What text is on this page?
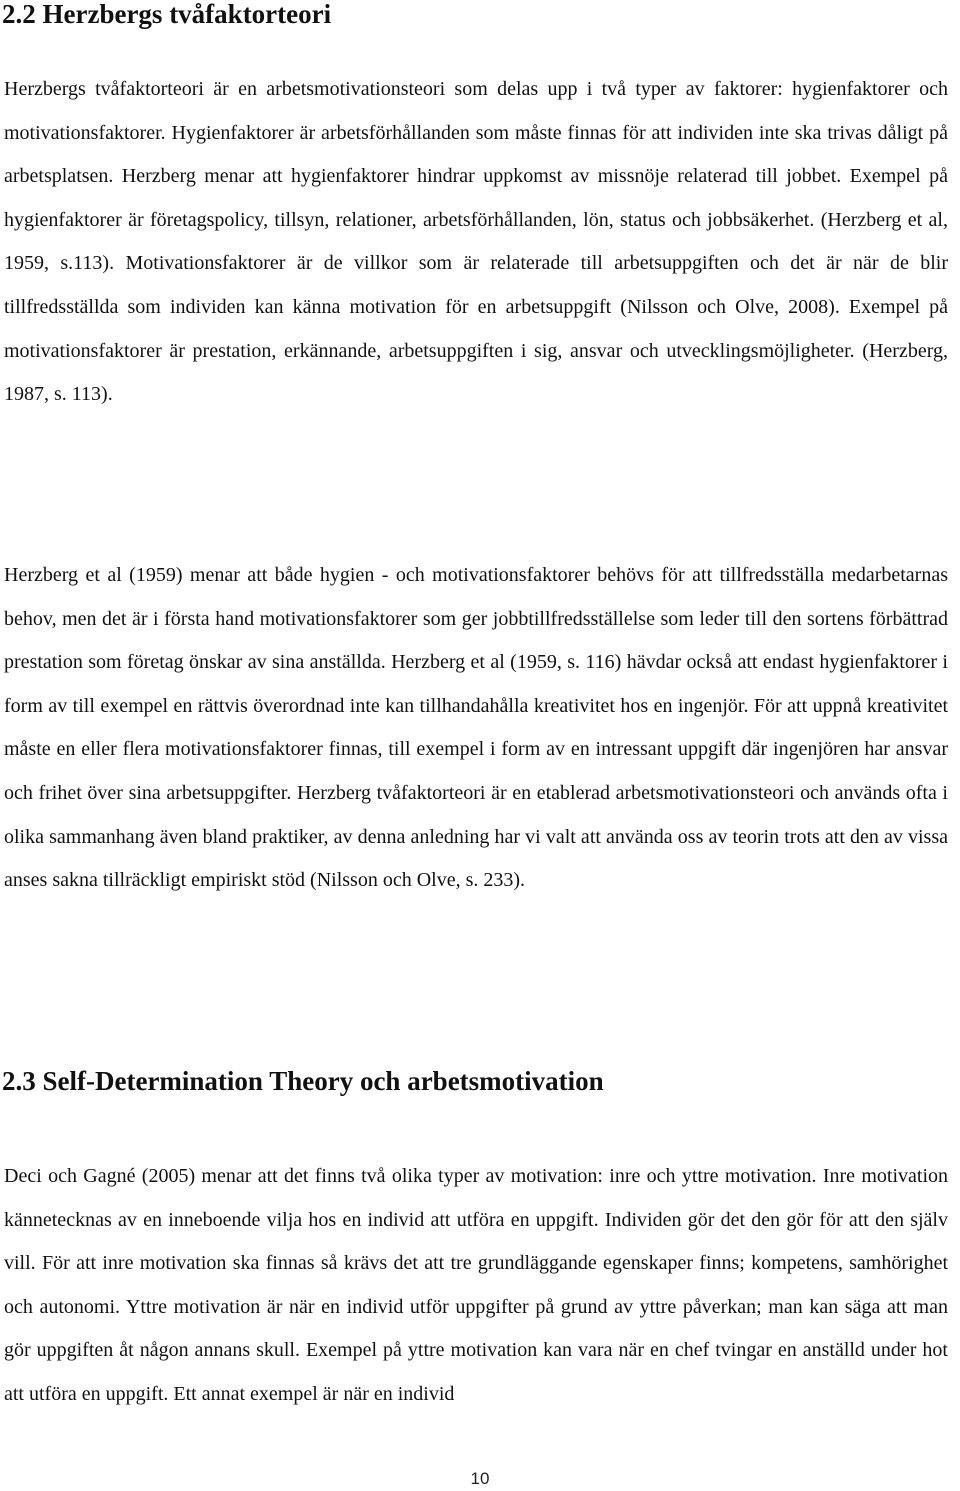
2.2 Herzbergs tvåfaktorteori

Herzbergs tvåfaktorteori är en arbetsmotivationsteori som delas upp i två typer av faktorer: hygienfaktorer och motivationsfaktorer. Hygienfaktorer är arbetsförhållanden som måste finnas för att individen inte ska trivas dåligt på arbetsplatsen. Herzberg menar att hygienfaktorer hindrar uppkomst av missnöje relaterad till jobbet. Exempel på hygienfaktorer är företagspolicy, tillsyn, relationer, arbetsförhållanden, lön, status och jobbsäkerhet. (Herzberg et al, 1959, s.113). Motivationsfaktorer är de villkor som är relaterade till arbetsuppgiften och det är när de blir tillfredsställda som individen kan känna motivation för en arbetsuppgift (Nilsson och Olve, 2008). Exempel på motivationsfaktorer är prestation, erkännande, arbetsuppgiften i sig, ansvar och utvecklingsmöjligheter. (Herzberg, 1987, s. 113).

Herzberg et al (1959) menar att både hygien - och motivationsfaktorer behövs för att tillfredsställa medarbetarnas behov, men det är i första hand motivationsfaktorer som ger jobbtillfredsställelse som leder till den sortens förbättrad prestation som företag önskar av sina anställda. Herzberg et al (1959, s. 116) hävdar också att endast hygienfaktorer i form av till exempel en rättvis överordnad inte kan tillhandahålla kreativitet hos en ingenjör. För att uppnå kreativitet måste en eller flera motivationsfaktorer finnas, till exempel i form av en intressant uppgift där ingenjören har ansvar och frihet över sina arbetsuppgifter. Herzberg tvåfaktorteori är en etablerad arbetsmotivationsteori och används ofta i olika sammanhang även bland praktiker, av denna anledning har vi valt att använda oss av teorin trots att den av vissa anses sakna tillräckligt empiriskt stöd (Nilsson och Olve, s. 233).

2.3 Self-Determination Theory och arbetsmotivation

Deci och Gagné (2005) menar att det finns två olika typer av motivation: inre och yttre motivation. Inre motivation kännetecknas av en inneboende vilja hos en individ att utföra en uppgift. Individen gör det den gör för att den själv vill. För att inre motivation ska finnas så krävs det att tre grundläggande egenskaper finns; kompetens, samhörighet och autonomi. Yttre motivation är när en individ utför uppgifter på grund av yttre påverkan; man kan säga att man gör uppgiften åt någon annans skull. Exempel på yttre motivation kan vara när en chef tvingar en anställd under hot att utföra en uppgift. Ett annat exempel är när en individ

10
